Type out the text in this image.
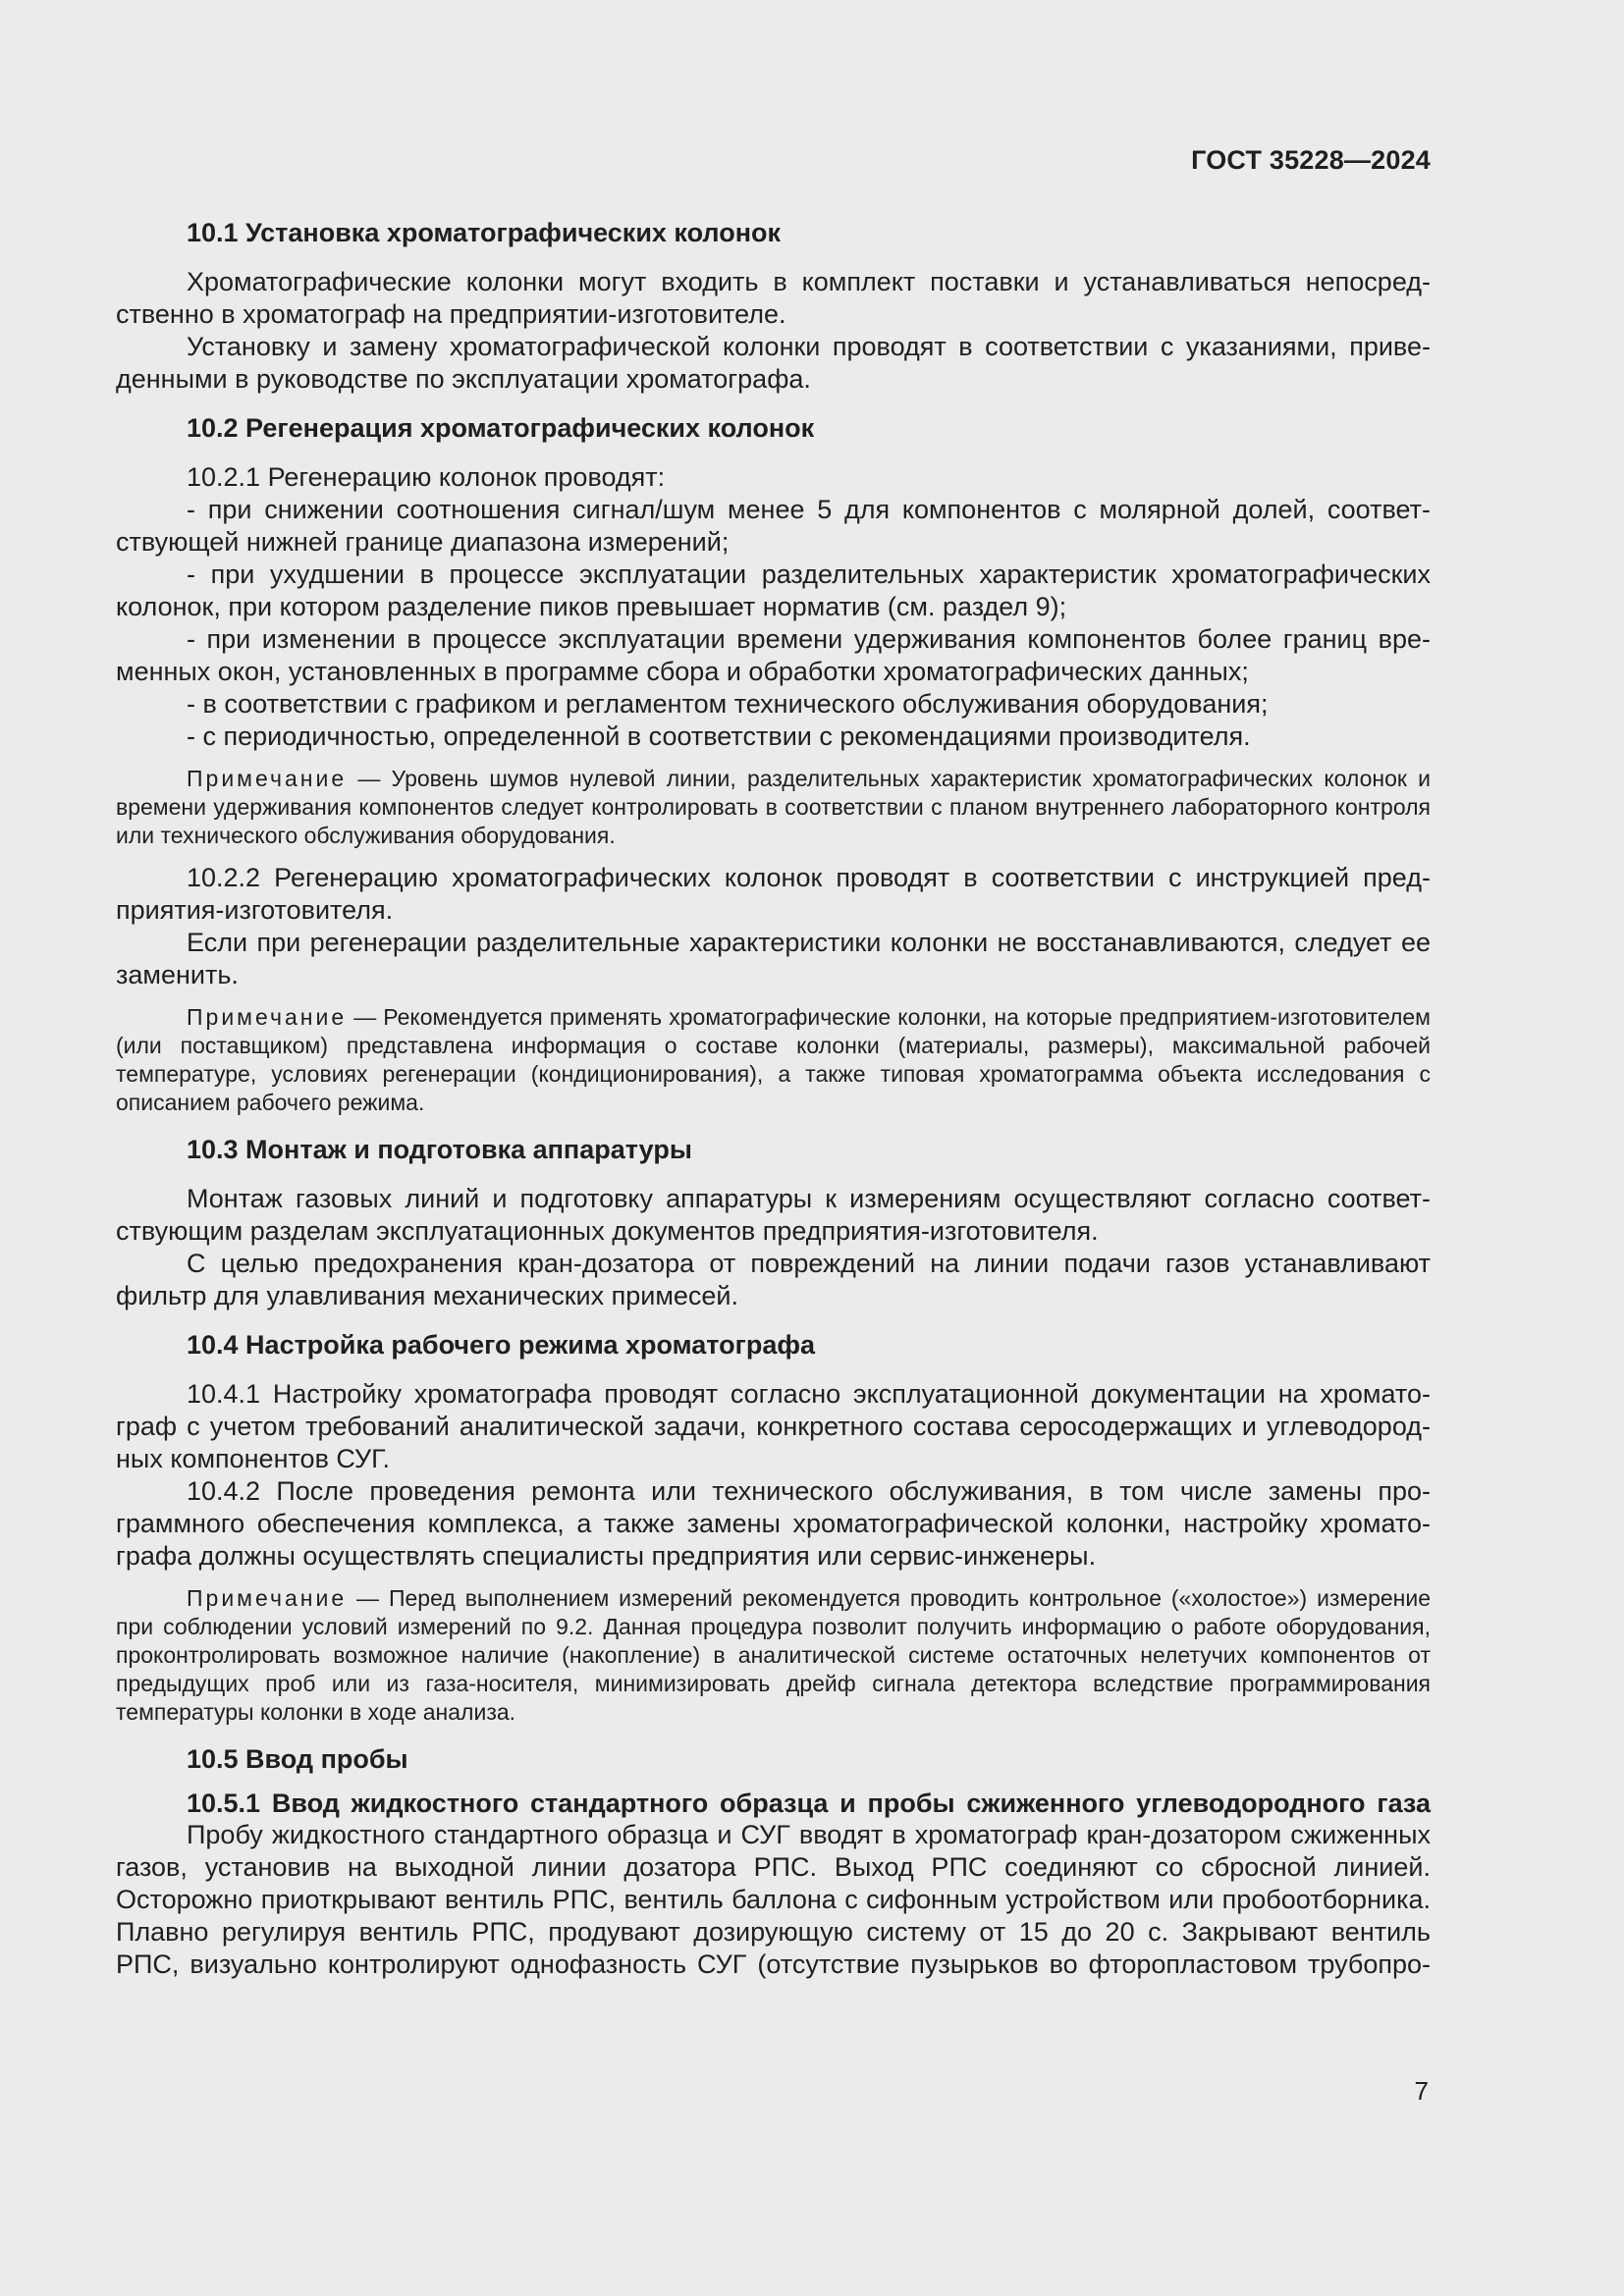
ГОСТ 35228—2024
10.1 Установка хроматографических колонок

Хроматографические колонки могут входить в комплект поставки и устанавливаться непосредственно в хроматограф на предприятии-изготовителе.

Установку и замену хроматографической колонки проводят в соответствии с указаниями, приведенными в руководстве по эксплуатации хроматографа.

10.2 Регенерация хроматографических колонок

10.2.1 Регенерацию колонок проводят:

- при снижении соотношения сигнал/шум менее 5 для компонентов с молярной долей, соответствующей нижней границе диапазона измерений;

- при ухудшении в процессе эксплуатации разделительных характеристик хроматографических колонок, при котором разделение пиков превышает норматив (см. раздел 9);

- при изменении в процессе эксплуатации времени удерживания компонентов более границ временных окон, установленных в программе сбора и обработки хроматографических данных;

- в соответствии с графиком и регламентом технического обслуживания оборудования;

- с периодичностью, определенной в соответствии с рекомендациями производителя.

Примечание — Уровень шумов нулевой линии, разделительных характеристик хроматографических колонок и времени удерживания компонентов следует контролировать в соответствии с планом внутреннего лабораторного контроля или технического обслуживания оборудования.

10.2.2 Регенерацию хроматографических колонок проводят в соответствии с инструкцией предприятия-изготовителя.

Если при регенерации разделительные характеристики колонки не восстанавливаются, следует ее заменить.

Примечание — Рекомендуется применять хроматографические колонки, на которые предприятием-изготовителем (или поставщиком) представлена информация о составе колонки (материалы, размеры), максимальной рабочей температуре, условиях регенерации (кондиционирования), а также типовая хроматограмма объекта исследования с описанием рабочего режима.

10.3 Монтаж и подготовка аппаратуры

Монтаж газовых линий и подготовку аппаратуры к измерениям осуществляют согласно соответствующим разделам эксплуатационных документов предприятия-изготовителя.

С целью предохранения кран-дозатора от повреждений на линии подачи газов устанавливают фильтр для улавливания механических примесей.

10.4 Настройка рабочего режима хроматографа

10.4.1 Настройку хроматографа проводят согласно эксплуатационной документации на хроматограф с учетом требований аналитической задачи, конкретного состава серосодержащих и углеводородных компонентов СУГ.

10.4.2 После проведения ремонта или технического обслуживания, в том числе замены программного обеспечения комплекса, а также замены хроматографической колонки, настройку хроматографа должны осуществлять специалисты предприятия или сервис-инженеры.

Примечание — Перед выполнением измерений рекомендуется проводить контрольное («холостое») измерение при соблюдении условий измерений по 9.2. Данная процедура позволит получить информацию о работе оборудования, проконтролировать возможное наличие (накопление) в аналитической системе остаточных нелетучих компонентов от предыдущих проб или из газа-носителя, минимизировать дрейф сигнала детектора вследствие программирования температуры колонки в ходе анализа.

10.5 Ввод пробы
10.5.1 Ввод жидкостного стандартного образца и пробы сжиженного углеводородного газа

Пробу жидкостного стандартного образца и СУГ вводят в хроматограф кран-дозатором сжиженных газов, установив на выходной линии дозатора РПС. Выход РПС соединяют со сбросной линией. Осторожно приоткрывают вентиль РПС, вентиль баллона с сифонным устройством или пробоотборника. Плавно регулируя вентиль РПС, продувают дозирующую систему от 15 до 20 с. Закрывают вентиль

РПС, визуально контролируют однофазность СУГ (отсутствие пузырьков во фторопластовом трубопро-

7
